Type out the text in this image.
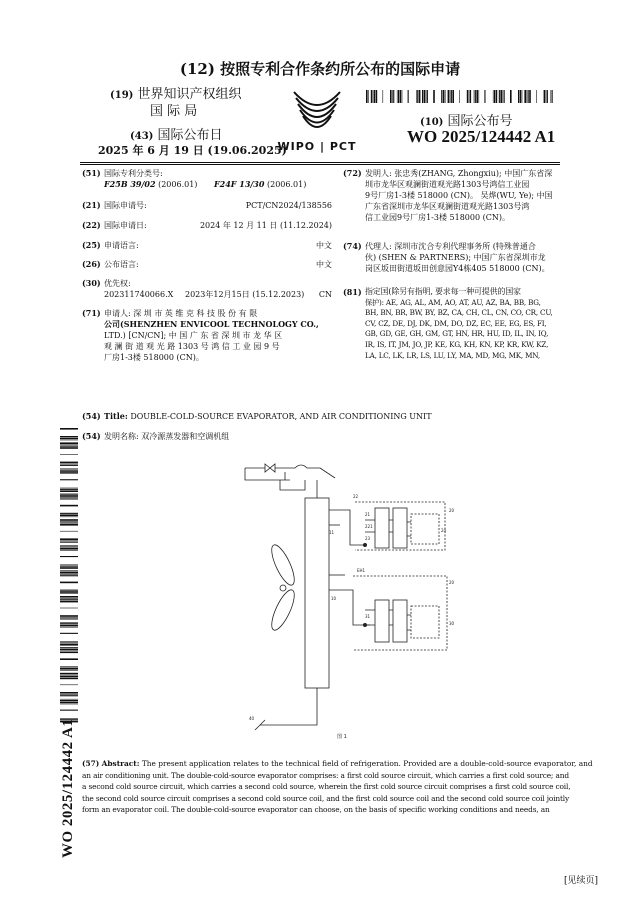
(12) 按照专利合作条约所公布的国际申请
(19) 世界知识产权组织
国 际 局
(43) 国际公布日
2025 年 6 月 19 日 (19.06.2025)
WIPO | PCT
(10) 国际公布号
WO 2025/124442 A1
(51) 国际专利分类号:
F25B 39/02 (2006.01) F24F 13/30 (2006.01)
(21) 国际申请号:	PCT/CN2024/138556
(22) 国际申请日:	2024 年 12 月 11 日 (11.12.2024)
(25) 申请语言:	中文
(26) 公布语言:	中文
(30) 优先权:
202311740066.X 2023年12月15日 (15.12.2023) CN
(71) 申请人: 深 圳 市 英 维 克 科 技 股 份 有 限
公司(SHENZHEN ENVICOOL TECHNOLOGY CO.,
LTD.) [CN/CN]; 中 国 广 东 省 深 圳 市 龙 华 区
观 澜 街 道 观 光 路 1303 号 鸿 信 工 业 园 9 号
厂房1-3楼 518000 (CN)。
(72) 发明人: 张忠秀(ZHANG, Zhongxiu); 中国广东省深
圳市龙华区观澜街道观光路1303号鸿信工业园
9号厂房1-3楼 518000 (CN)。 吴烨(WU, Ye); 中国
广东省深圳市龙华区观澜街道观光路1303号鸿
信工业园9号厂房1-3楼 518000 (CN)。
(74) 代理人: 深圳市沈合专利代理事务所 (特殊普通合
伙) (SHEN & PARTNERS); 中国广东省深圳市龙
岗区坂田街道坂田创意园Y4栋405 518000 (CN)。
(81) 指定国(除另有指明, 要求每一种可提供的国家
保护): AE, AG, AL, AM, AO, AT, AU, AZ, BA, BB, BG,
BH, BN, BR, BW, BY, BZ, CA, CH, CL, CN, CO, CR, CU,
CV, CZ, DE, DJ, DK, DM, DO, DZ, EC, EE, EG, ES, FI,
GB, GD, GE, GH, GM, GT, HN, HR, HU, ID, IL, IN, IQ,
IR, IS, IT, JM, JO, JP, KE, KG, KH, KN, KP, KR, KW, KZ,
LA, LC, LK, LR, LS, LU, LY, MA, MD, MG, MK, MN,
WO 2025/124442 A1
(54) Title: DOUBLE-COLD-SOURCE EVAPORATOR, AND AIR CONDITIONING UNIT
(54) 发明名称: 双冷源蒸发器和空调机组
11
10
22
21
221
23
24
20
EH1
20
31
30
40
图 1
(57) Abstract: The present application relates to the technical field of refrigeration. Provided are a double-cold-source evaporator, and
an air conditioning unit. The double-cold-source evaporator comprises: a first cold source circuit, which carries a first cold source; and
a second cold source circuit, which carries a second cold source, wherein the first cold source circuit comprises a first cold source coil,
the second cold source circuit comprises a second cold source coil, and the first cold source coil and the second cold source coil jointly
form an evaporator coil. The double-cold-source evaporator can choose, on the basis of specific working conditions and needs, an
[见续页]
